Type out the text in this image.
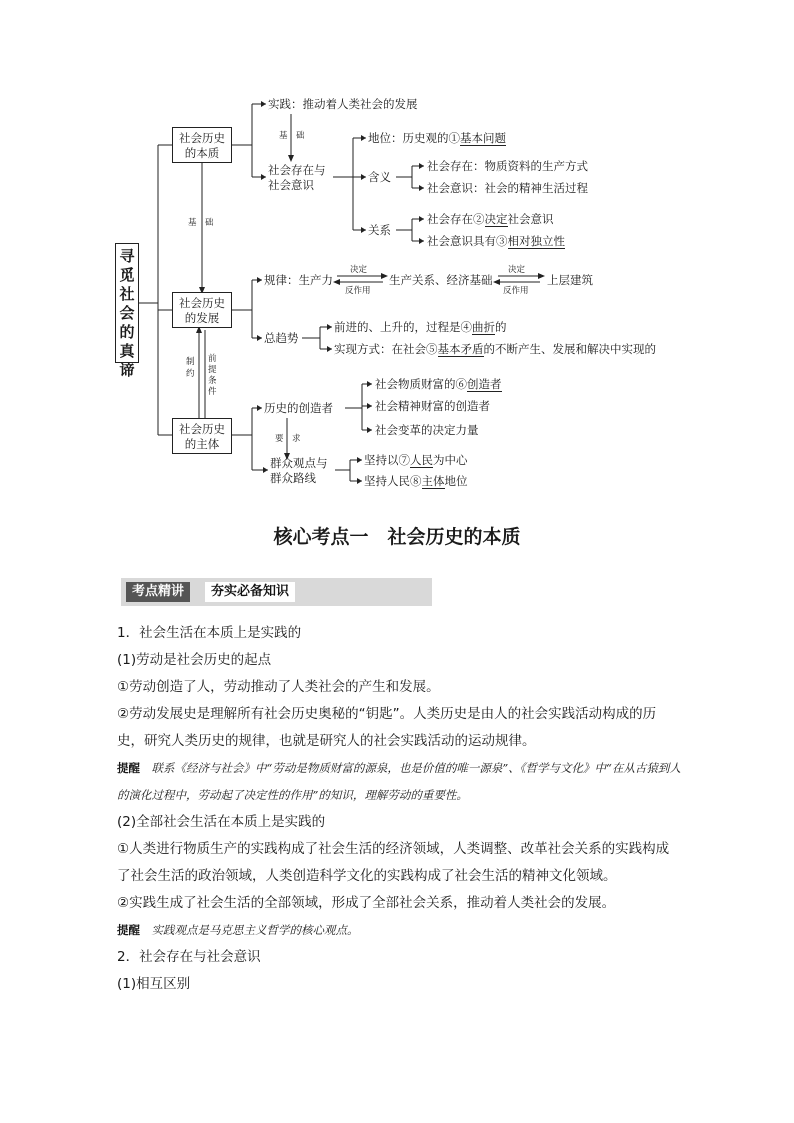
寻
觅
社
会
的
真
谛
社会历史的本质
社会历史的发展
社会历史的主体
实践：推动着人类社会的发展
基　础
社会存在与社会意识
地位：历史观的①基本问题
含义
社会存在：物质资料的生产方式
社会意识：社会的精神生活过程
关系
社会存在②决定社会意识
社会意识具有③相对独立性
基　础
规律：生产力
决定
反作用
生产关系、经济基础
决定
反作用
上层建筑
总趋势
前进的、上升的，过程是④曲折的
实现方式：在社会⑤基本矛盾的不断产生、发展和解决中实现的
制约
前提条件
历史的创造者
要　求
群众观点与群众路线
社会物质财富的⑥创造者
社会精神财富的创造者
社会变革的决定力量
坚持以⑦人民为中心
坚持人民⑧主体地位
核心考点一　社会历史的本质
考点精讲	夯实必备知识

1．社会生活在本质上是实践的

(1)劳动是社会历史的起点

①劳动创造了人，劳动推动了人类社会的产生和发展。

②劳动发展史是理解所有社会历史奥秘的“钥匙”。人类历史是由人的社会实践活动构成的历史，研究人类历史的规律，也就是研究人的社会实践活动的运动规律。

提醒　联系《经济与社会》中“劳动是物质财富的源泉，也是价值的唯一源泉”、《哲学与文化》中“在从古猿到人的演化过程中，劳动起了决定性的作用”的知识，理解劳动的重要性。

(2)全部社会生活在本质上是实践的

①人类进行物质生产的实践构成了社会生活的经济领域，人类调整、改革社会关系的实践构成了社会生活的政治领域，人类创造科学文化的实践构成了社会生活的精神文化领域。

②实践生成了社会生活的全部领域，形成了全部社会关系，推动着人类社会的发展。

提醒　实践观点是马克思主义哲学的核心观点。

2．社会存在与社会意识

(1)相互区别
